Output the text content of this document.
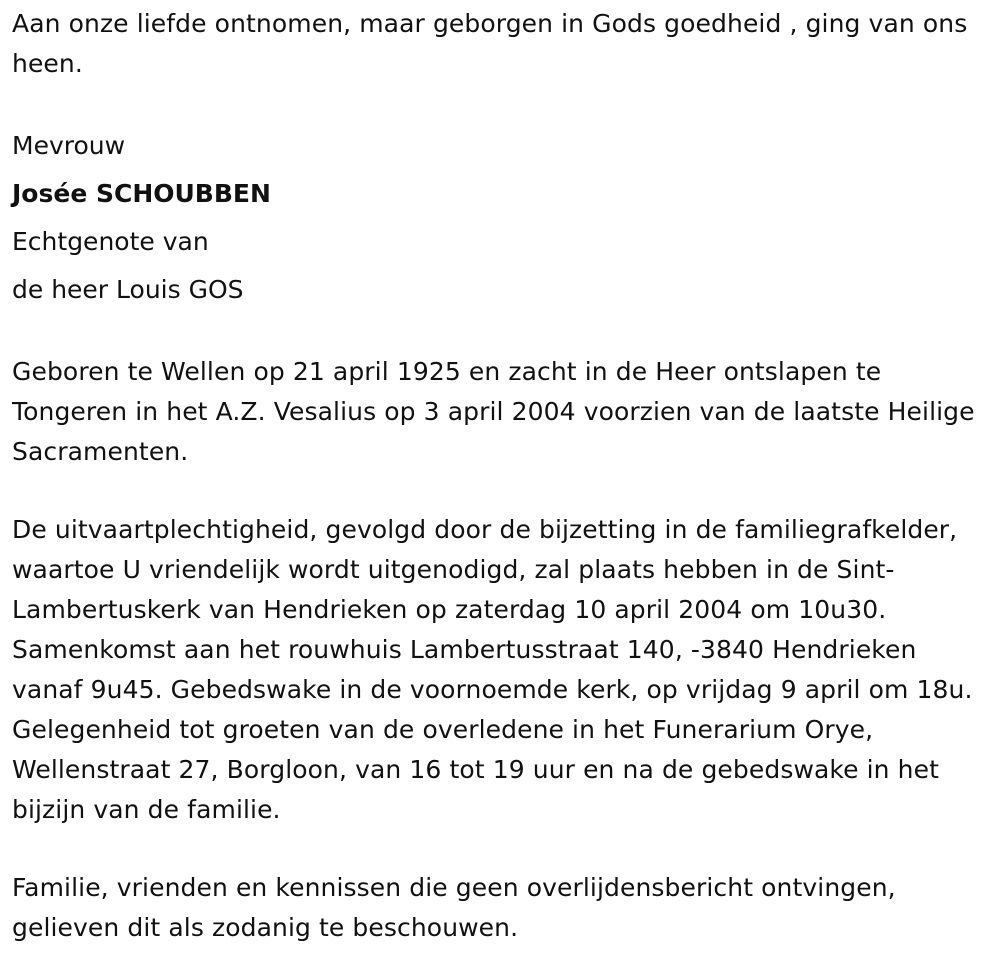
Aan onze liefde ontnomen, maar geborgen in Gods goedheid , ging van ons heen.

Mevrouw

Josée SCHOUBBEN

Echtgenote van

de heer Louis GOS

Geboren te Wellen op 21 april 1925 en zacht in de Heer ontslapen te Tongeren in het A.Z. Vesalius op 3 april 2004 voorzien van de laatste Heilige Sacramenten.

De uitvaartplechtigheid, gevolgd door de bijzetting in de familiegrafkelder, waartoe U vriendelijk wordt uitgenodigd, zal plaats hebben in de Sint-Lambertuskerk van Hendrieken op zaterdag 10 april 2004 om 10u30. Samenkomst aan het rouwhuis Lambertusstraat 140, -3840 Hendrieken vanaf 9u45. Gebedswake in de voornoemde kerk, op vrijdag 9 april om 18u. Gelegenheid tot groeten van de overledene in het Funerarium Orye, Wellenstraat 27, Borgloon, van 16 tot 19 uur en na de gebedswake in het bijzijn van de familie.

Familie, vrienden en kennissen die geen overlijdensbericht ontvingen, gelieven dit als zodanig te beschouwen.
